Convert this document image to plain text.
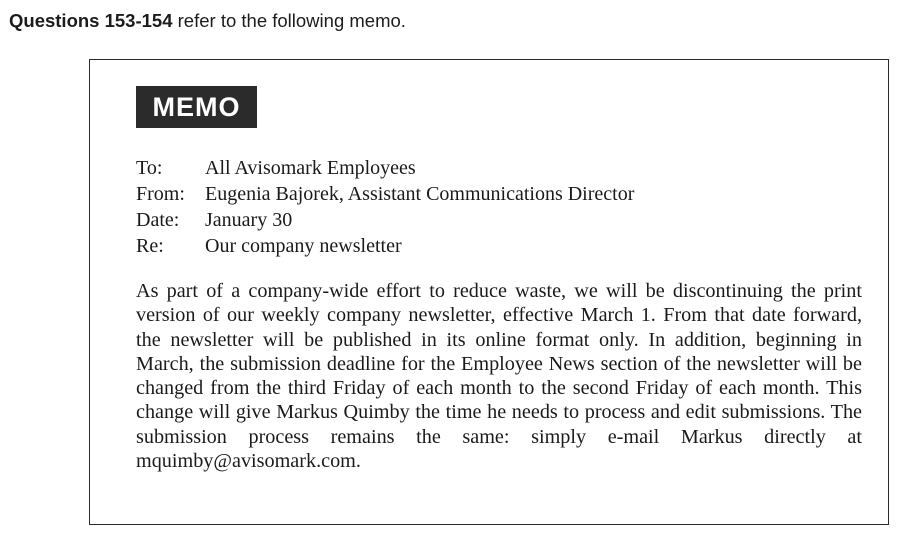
Questions 153-154 refer to the following memo.
MEMO
To:	All Avisomark Employees
From:	Eugenia Bajorek, Assistant Communications Director
Date:	January 30
Re:	Our company newsletter

As part of a company-wide effort to reduce waste, we will be discontinuing the print version of our weekly company newsletter, effective March 1. From that date forward, the newsletter will be published in its online format only. In addition, beginning in March, the submission deadline for the Employee News section of the newsletter will be changed from the third Friday of each month to the second Friday of each month. This change will give Markus Quimby the time he needs to process and edit submissions. The submission process remains the same: simply e-mail Markus directly at mquimby@avisomark.com.
